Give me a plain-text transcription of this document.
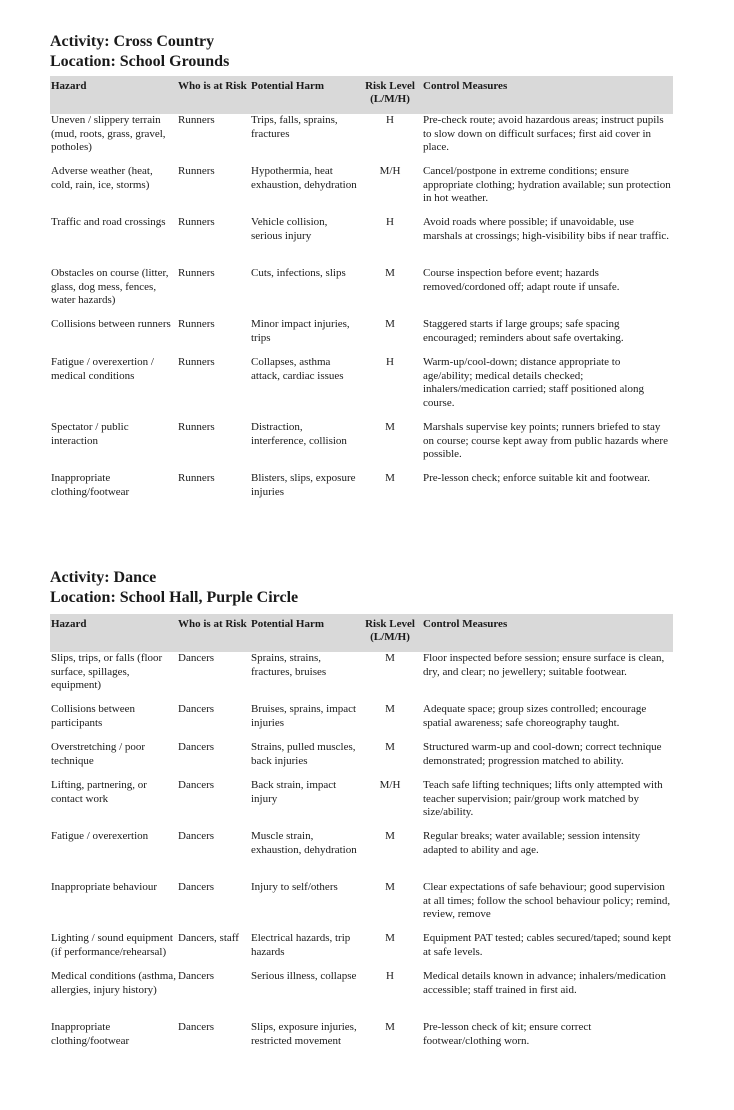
Activity: Cross Country
Location: School Grounds
Hazard	Who is at Risk	Potential Harm	Risk Level (L/M/H)	Control Measures
Uneven / slippery terrain (mud, roots, grass, gravel, potholes)	Runners	Trips, falls, sprains, fractures	H	Pre-check route; avoid hazardous areas; instruct pupils to slow down on difficult surfaces; first aid cover in place.
Adverse weather (heat, cold, rain, ice, storms)	Runners	Hypothermia, heat exhaustion, dehydration	M/H	Cancel/postpone in extreme conditions; ensure appropriate clothing; hydration available; sun protection in hot weather.
Traffic and road crossings	Runners	Vehicle collision, serious injury	H	Avoid roads where possible; if unavoidable, use marshals at crossings; high-visibility bibs if near traffic.
Obstacles on course (litter, glass, dog mess, fences, water hazards)	Runners	Cuts, infections, slips	M	Course inspection before event; hazards removed/cordoned off; adapt route if unsafe.
Collisions between runners	Runners	Minor impact injuries, trips	M	Staggered starts if large groups; safe spacing encouraged; reminders about safe overtaking.
Fatigue / overexertion / medical conditions	Runners	Collapses, asthma attack, cardiac issues	H	Warm-up/cool-down; distance appropriate to age/ability; medical details checked; inhalers/medication carried; staff positioned along course.
Spectator / public interaction	Runners	Distraction, interference, collision	M	Marshals supervise key points; runners briefed to stay on course; course kept away from public hazards where possible.
Inappropriate clothing/footwear	Runners	Blisters, slips, exposure injuries	M	Pre-lesson check; enforce suitable kit and footwear.
Activity: Dance
Location: School Hall, Purple Circle
Hazard	Who is at Risk	Potential Harm	Risk Level (L/M/H)	Control Measures
Slips, trips, or falls (floor surface, spillages, equipment)	Dancers	Sprains, strains, fractures, bruises	M	Floor inspected before session; ensure surface is clean, dry, and clear; no jewellery; suitable footwear.
Collisions between participants	Dancers	Bruises, sprains, impact injuries	M	Adequate space; group sizes controlled; encourage spatial awareness; safe choreography taught.
Overstretching / poor technique	Dancers	Strains, pulled muscles, back injuries	M	Structured warm-up and cool-down; correct technique demonstrated; progression matched to ability.
Lifting, partnering, or contact work	Dancers	Back strain, impact injury	M/H	Teach safe lifting techniques; lifts only attempted with teacher supervision; pair/group work matched by size/ability.
Fatigue / overexertion	Dancers	Muscle strain, exhaustion, dehydration	M	Regular breaks; water available; session intensity adapted to ability and age.
Inappropriate behaviour	Dancers	Injury to self/others	M	Clear expectations of safe behaviour; good supervision at all times; follow the school behaviour policy; remind, review, remove
Lighting / sound equipment (if performance/rehearsal)	Dancers, staff	Electrical hazards, trip hazards	M	Equipment PAT tested; cables secured/taped; sound kept at safe levels.
Medical conditions (asthma, allergies, injury history)	Dancers	Serious illness, collapse	H	Medical details known in advance; inhalers/medication accessible; staff trained in first aid.
Inappropriate clothing/footwear	Dancers	Slips, exposure injuries, restricted movement	M	Pre-lesson check of kit; ensure correct footwear/clothing worn.
